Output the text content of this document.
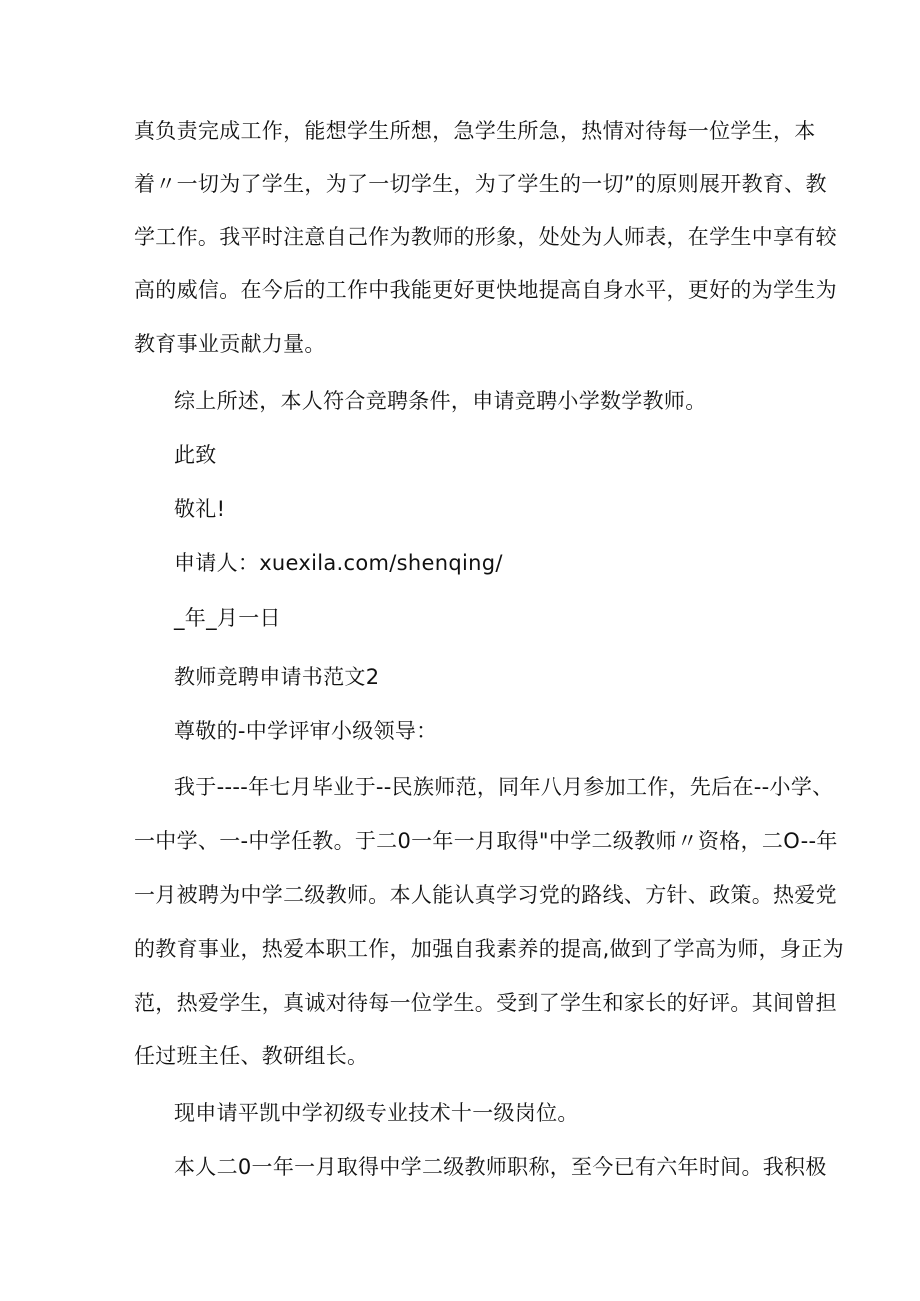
真负责完成工作，能想学生所想，急学生所急，热情对待每一位学生，本
着〃一切为了学生，为了一切学生，为了学生的一切”的原则展开教育、教
学工作。我平时注意自己作为教师的形象，处处为人师表，在学生中享有较
高的威信。在今后的工作中我能更好更快地提高自身水平，更好的为学生为
教育事业贡献力量。
综上所述，本人符合竞聘条件，申请竞聘小学数学教师。
此致
敬礼!
申请人：xuexila.com/shenqing/
_年_月一日
教师竞聘申请书范文2
尊敬的-中学评审小级领导：
我于----年七月毕业于--民族师范，同年八月参加工作，先后在--小学、
一中学、一-中学任教。于二0一年一月取得"中学二级教师〃资格，二O--年
一月被聘为中学二级教师。本人能认真学习党的路线、方针、政策。热爱党
的教育事业，热爱本职工作，加强自我素养的提高,做到了学高为师，身正为
范，热爱学生，真诚对待每一位学生。受到了学生和家长的好评。其间曾担
任过班主任、教研组长。
现申请平凯中学初级专业技术十一级岗位。
本人二0一年一月取得中学二级教师职称，至今已有六年时间。我积极
